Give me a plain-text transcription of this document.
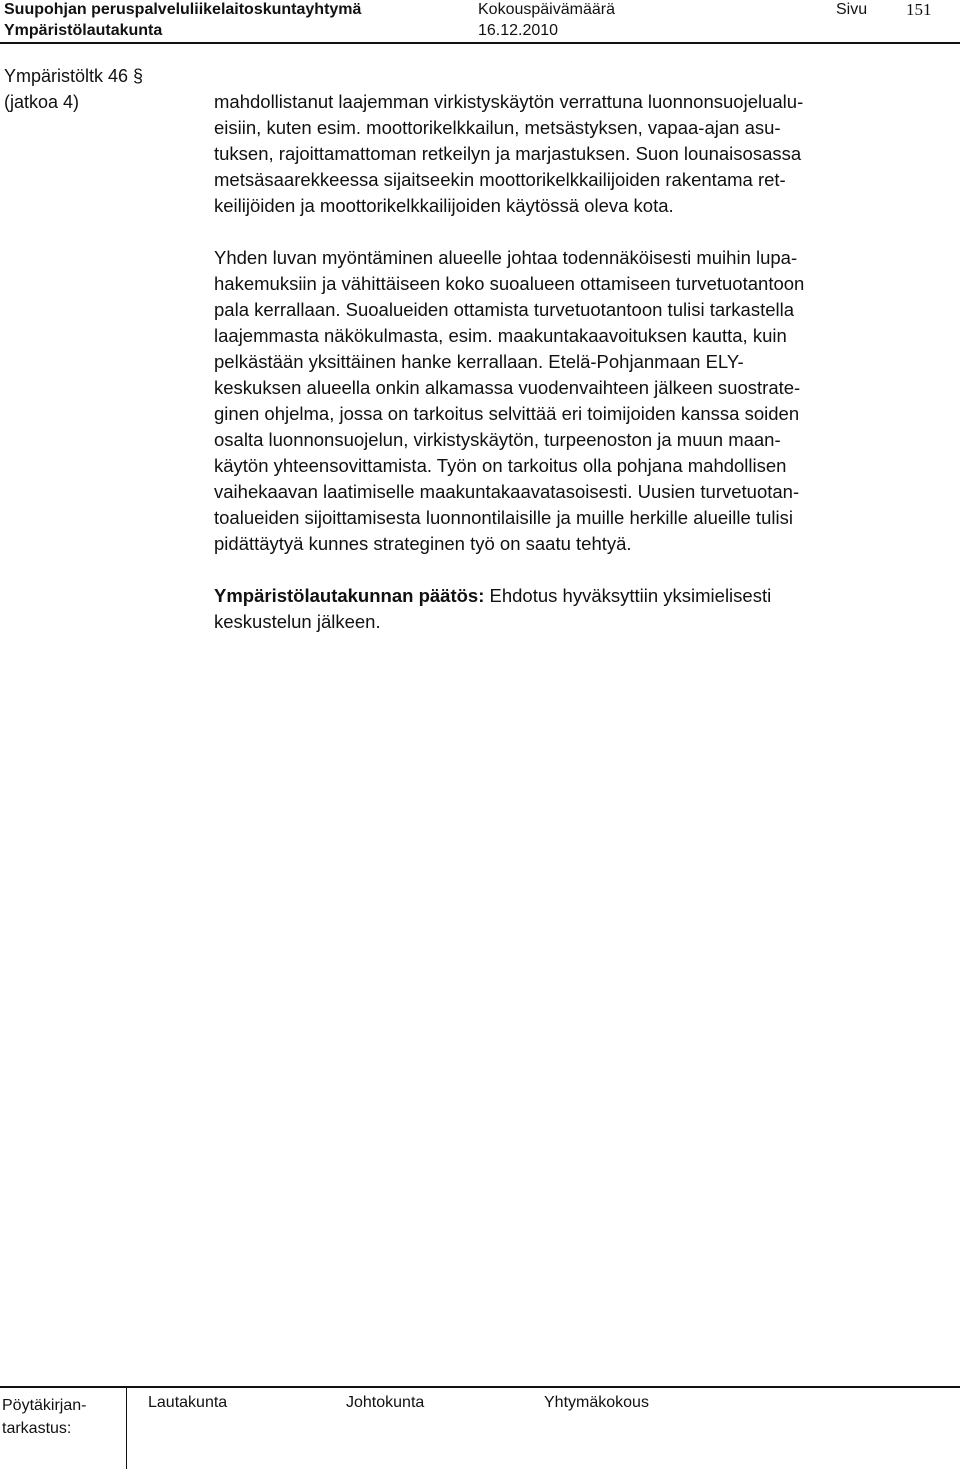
Suupohjan peruspalveluliikelaitoskuntayhtymä
Ympäristölautakunta
Kokouspäivämäärä
16.12.2010
Sivu 151
Ympäristöltk 46 §
(jatkoa 4)	mahdollistanut laajemman virkistyskäytön verrattuna luonnonsuojelualu-
eisiin, kuten esim. moottorikelkkailun, metsästyksen, vapaa-ajan asu-
tuksen, rajoittamattoman retkeilyn ja marjastuksen. Suon lounaisosassa
metsäsaarekkeessa sijaitseekin moottorikelkkailijoiden rakentama ret-
keilijöiden ja moottorikelkkailijoiden käytössä oleva kota.
Yhden luvan myöntäminen alueelle johtaa todennäköisesti muihin lupa-
hakemuksiin ja vähittäiseen koko suoalueen ottamiseen turvetuotantoon
pala kerrallaan. Suoalueiden ottamista turvetuotantoon tulisi tarkastella
laajemmasta näkökulmasta, esim. maakuntakaavoituksen kautta, kuin
pelkästään yksittäinen hanke kerrallaan. Etelä-Pohjanmaan ELY-
keskuksen alueella onkin alkamassa vuodenvaihteen jälkeen suostrate-
ginen ohjelma, jossa on tarkoitus selvittää eri toimijoiden kanssa soiden
osalta luonnonsuojelun, virkistyskäytön, turpeenoston ja muun maan-
käytön yhteensovittamista. Työn on tarkoitus olla pohjana mahdollisen
vaihekaavan laatimiselle maakuntakaavatasoisesti. Uusien turvetuotan-
toalueiden sijoittamisesta luonnontilaisille ja muille herkille alueille tulisi
pidättäytyä kunnes strateginen työ on saatu tehtyä.
Ympäristölautakunnan päätös: Ehdotus hyväksyttiin yksimielisesti
keskustelun jälkeen.
Pöytäkirjan-
tarkastus:
Lautakunta	Johtokunta	Yhtymäkokous
